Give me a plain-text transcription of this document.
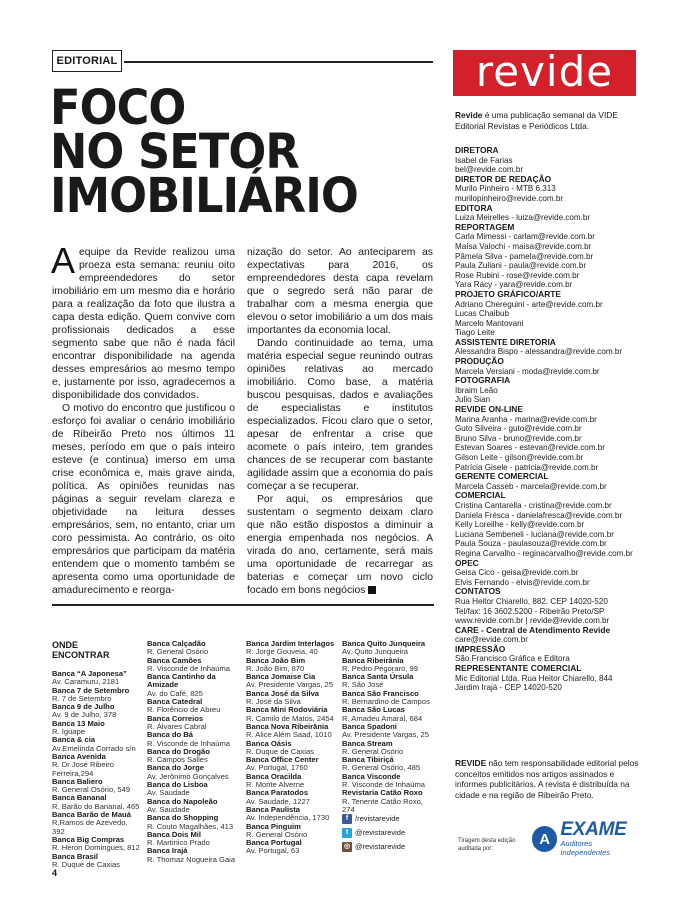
EDITORIAL
FOCO
NO SETOR
IMOBILIÁRIO

A equipe da Revide realizou uma proeza esta semana: reuniu oito empreendedores do setor imobiliário em um mesmo dia e horário para a realização da foto que ilustra a capa desta edição. Quem convive com profissionais dedicados a esse segmento sabe que não é nada fácil encontrar disponibilidade na agenda desses empresários ao mesmo tempo e, justamente por isso, agradecemos a disponibilidade dos convidados.

O motivo do encontro que justificou o esforço foi avaliar o cenário imobiliário de Ribeirão Preto nos últimos 11 meses, período em que o país inteiro esteve (e continua) imerso em uma crise econômica e, mais grave ainda, política. As opiniões reunidas nas páginas a seguir revelam clareza e objetividade na leitura desses empresários, sem, no entanto, criar um coro pessimista. Ao contrário, os oito empresários que participam da matéria entendem que o momento também se apresenta como uma oportunidade de amadurecimento e reorga-

nização do setor. Ao anteciparem as expectativas para 2016, os empreendedores desta capa revelam que o segredo será não parar de trabalhar com a mesma energia que elevou o setor imobiliário a um dos mais importantes da economia local.

Dando continuidade ao tema, uma matéria especial segue reunindo outras opiniões relativas ao mercado imobiliário. Como base, a matéria buscou pesquisas, dados e avaliações de especialistas e institutos especializados. Ficou claro que o setor, apesar de enfrentar a crise que acomete o país inteiro, tem grandes chances de se recuperar com bastante agilidade assim que a economia do país começar a se recuperar.

Por aqui, os empresários que sustentam o segmento deixam claro que não estão dispostos a diminuir a energia empenhada nos negócios. A virada do ano, certamente, será mais uma oportunidade de recarregar as baterias e começar um novo ciclo focado em bons negócios

ONDE ENCONTRAR
Banca “A Japonesa”
Av. Caramuru, 2181
Banca 7 de Setembro
R. 7 de Setembro
Banca 9 de Julho
Av. 9 de Julho, 378
Banca 13 Maio
R. Iguape
Banca & cia
Av.Emelinda Corrado s/n
Banca Avenida
R. Dr José Ribeiro Ferreira,294
Banca Baliero
R. General Osório, 549
Banca Bananal
R. Barão do Bananal, 465
Banca Barão de Mauá
R.Ramos de Azevedo, 392
Banca Big Compras
R. Heron Domingues, 812
Banca Brasil
R. Duque de Caxias
Banca Calçadão
R. General Osório
Banca Camões
R. Visconde de Inhaúma
Banca Cantinho da Amizade
Av. do Café, 825
Banca Catedral
R. Florêncio de Abreu
Banca Correios
R. Álvares Cabral
Banca do Bá
R. Visconde de Inhaúma
Banca do Drogão
R. Campos Salles
Banca do Jorge
Av. Jerônimo Gonçalves
Banca do Lisboa
Av. Saudade
Banca do Napoleão
Av. Saudade
Banca do Shopping
R. Couto Magalhães, 413
Banca Dois Mil
R. Martinico Prado
Banca Irajá
R. Thomaz Nogueira Gaia
Banca Jardim Interlagos
R. Jorge Gouveia, 40
Banca João Bim
R. João Bim, 870
Banca Jomaise Cia
Av. Presidente Vargas, 25
Banca José da Silva
R. José da Silva
Banca Mini Rodoviária
R. Camilo de Matos, 2454
Banca Nova Ribeirânia
R. Alice Além Saad, 1010
Banca Oásis
R. Duque de Caxias
Banca Office Center
Av. Portugal, 1760
Banca Oracilda
R. Monte Alverne
Banca Paratodos
Av. Saudade, 1227
Banca Paulista
Av. Independência, 1730
Banca Pinguim
R. General Osório
Banca Portugal
Av. Portugal, 63
Banca Quito Junqueira
Av. Quito Junqueira
Banca Ribeirânia
R. Pedro Pegoraro, 99
Banca Santa Úrsula
R. São José
Banca São Francisco
R. Bernardino de Campos
Banca São Lucas
R. Amadeu Amaral, 684
Banca Spadoni
Av. Presidente Vargas, 25
Banca Stream
R. General Osório
Banca Tibiriçá
R. General Osório, 485
Banca Visconde
R. Visconde de Inhaúma
Revistaria Catão Roxo
R. Tenente Catão Roxo, 274
f /revistarevide
t @revistarevide
◎ @revistarevide
revide
Revide é uma publicação semanal da VIDE Editorial Revistas e Periódicos Ltda.
DIRETORA
Isabel de Farias
bel@revide.com.br
DIRETOR DE REDAÇÃO
Murilo Pinheiro - MTB 6.313
murilopinheiro@revide.com.br
EDITORA
Luiza Meirelles - luiza@revide.com.br
REPORTAGEM
Carla Mimessi - carlam@revide.com.br
Maísa Valochi - maisa@revide.com.br
Pâmela Silva - pamela@revide.com.br
Paula Zuliani - paula@revide.com.br
Rose Rubini - rose@revide.com.br
Yara Racy - yara@revide.com.br
PROJETO GRÁFICO/ARTE
Adriano Chereguini - arte@revide.com.br
Lucas Chaibub
Marcelo Mantovani
Tiago Leite
ASSISTENTE DIRETORIA
Alessandra Bispo - alessandra@revide.com.br
PRODUÇÃO
Marcela Versiani - moda@revide.com.br
FOTOGRAFIA
Ibraim Leão
Julio Sian
REVIDE ON-LINE
Marina Aranha - marina@revide.com.br
Guto Silveira - guto@revide.com.br
Bruno Silva - bruno@revide.com.br
Estevan Soares - estevan@revide.com.br
Gilson Leite - gilson@revide.com.br
Patrícia Gisele - patricia@revide.com.br
GERENTE COMERCIAL
Marcela Casseb - marcela@revide.com.br
COMERCIAL
Cristina Cantarella - cristina@revide.com.br
Daniela Frésca - danielafresca@revide.com.br
Kelly Loreilhe - kelly@revide.com.br
Luciana Sembeneli - luciana@revide.com.br
Paula Souza - paulasouza@revide.com.br
Regina Carvalho - reginacarvalho@revide.com.br
OPEC
Geisa Cico - geisa@revide.com.br
Elvis Fernando - elvis@revide.com.br
CONTATOS
Rua Heitor Chiarello, 882. CEP 14020-520
Tel/fax: 16 3602.5200 - Ribeirão Preto/SP
www.revide.com.br | revide@revide.com.br
CARE - Central de Atendimento Revide
care@revide.com.br
IMPRESSÃO
São Francisco Gráfica e Editora
REPRESENTANTE COMERCIAL
Mic Editorial Ltda. Rua Heitor Chiarello, 844
Jardim Irajá - CEP 14020-520
REVIDE não tem responsabilidade editorial pelos conceitos emitidos nos artigos assinados e informes publicitários. A revista é distribuída na cidade e na região de Ribeirão Preto.
Tiragem desta edição auditada por:
A EXAME
Auditores Independentes
4
